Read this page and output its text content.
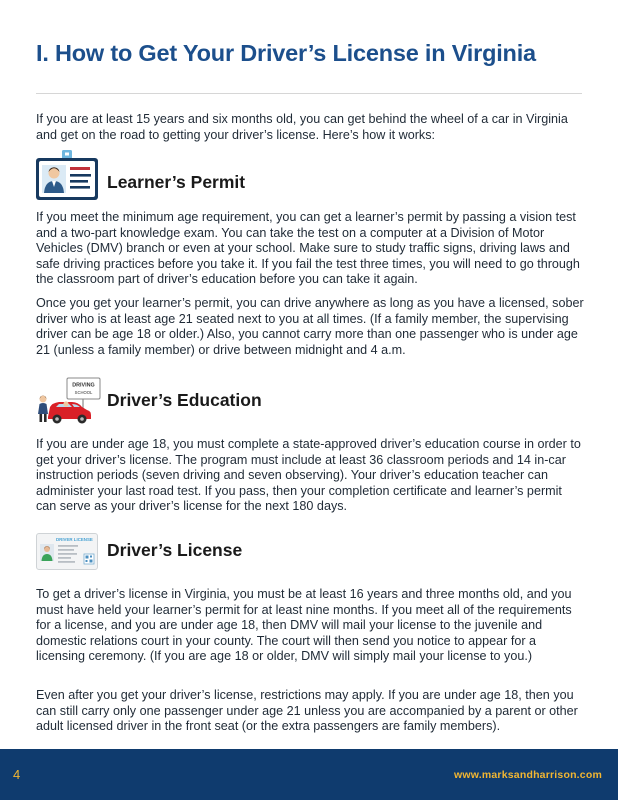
I. How to Get Your Driver’s License in Virginia

If you are at least 15 years and six months old, you can get behind the wheel of a car in Virginia and get on the road to getting your driver’s license. Here’s how it works:

Learner’s Permit

If you meet the minimum age requirement, you can get a learner’s permit by passing a vision test and a two-part knowledge exam. You can take the test on a computer at a Division of Motor Vehicles (DMV) branch or even at your school. Make sure to study traffic signs, driving laws and safe driving practices before you take it. If you fail the test three times, you will need to go through the classroom part of driver’s education before you can take it again.

Once you get your learner’s permit, you can drive anywhere as long as you have a licensed, sober driver who is at least age 21 seated next to you at all times. (If a family member, the supervising driver can be age 18 or older.) Also, you cannot carry more than one passenger who is under age 21 (unless a family member) or drive between midnight and 4 a.m.

DRIVING
SCHOOL Driver’s Education

If you are under age 18, you must complete a state-approved driver’s education course in order to get your driver’s license. The program must include at least 36 classroom periods and 14 in-car instruction periods (seven driving and seven observing). Your driver’s education teacher can administer your last road test. If you pass, then your completion certificate and learner’s permit can serve as your driver’s license for the next 180 days.

DRIVER LICENSE
Driver’s License

To get a driver’s license in Virginia, you must be at least 16 years and three months old, and you must have held your learner’s permit for at least nine months. If you meet all of the requirements for a license, and you are under age 18, then DMV will mail your license to the juvenile and domestic relations court in your county. The court will then send you notice to appear for a licensing ceremony. (If you are age 18 or older, DMV will simply mail your license to you.)

Even after you get your driver’s license, restrictions may apply. If you are under age 18, then you can still carry only one passenger under age 21 unless you are accompanied by a parent or other adult licensed driver in the front seat (or the extra passengers are family members).

4	www.marksandharrison.com
